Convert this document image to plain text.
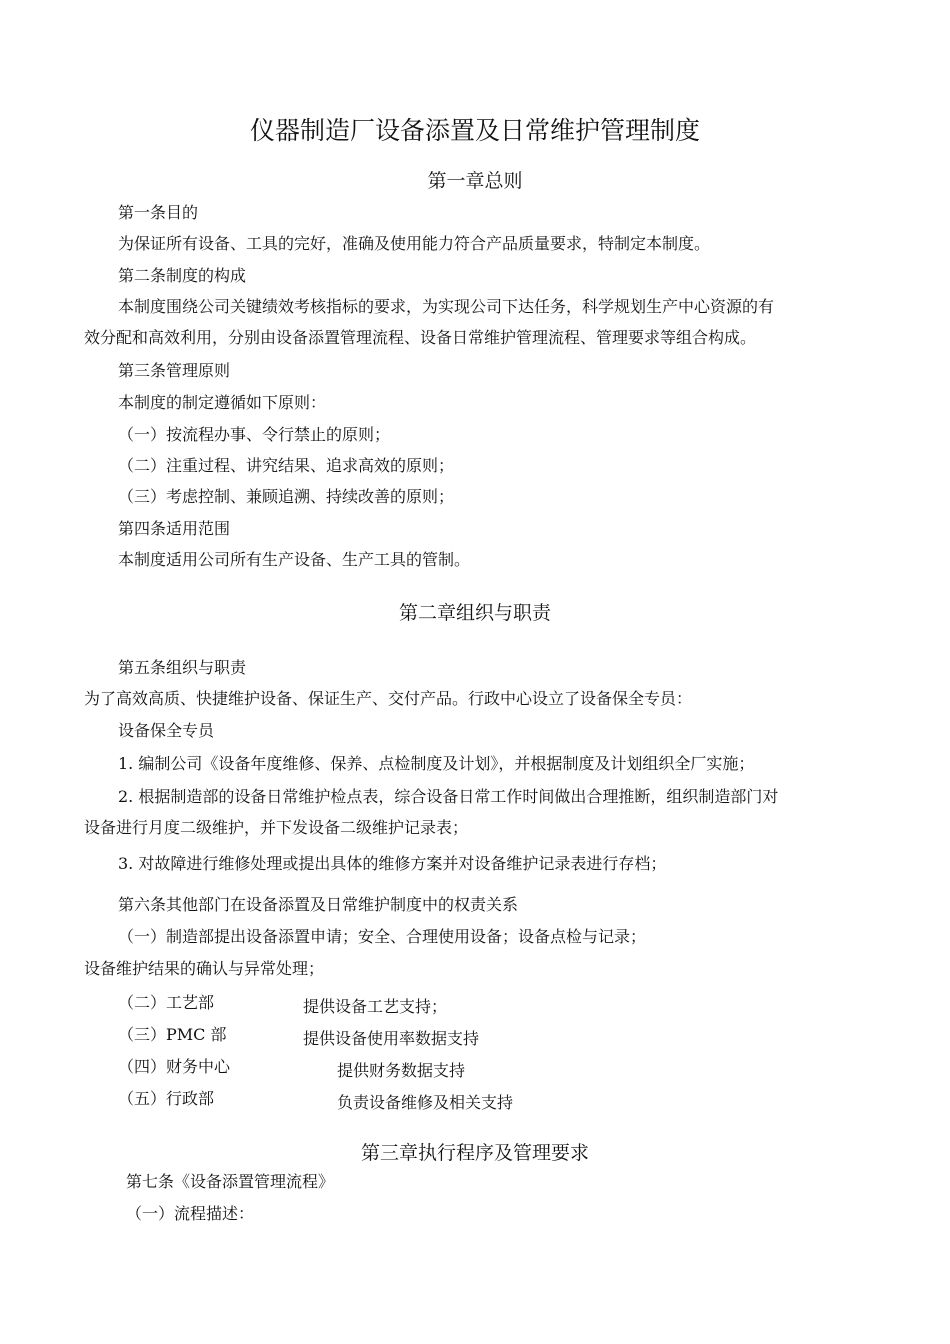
仪器制造厂设备添置及日常维护管理制度
第一章总则
第一条目的
为保证所有设备、工具的完好，准确及使用能力符合产品质量要求，特制定本制度。
第二条制度的构成
本制度围绕公司关键绩效考核指标的要求，为实现公司下达任务，科学规划生产中心资源的有
效分配和高效利用，分别由设备添置管理流程、设备日常维护管理流程、管理要求等组合构成。
第三条管理原则
本制度的制定遵循如下原则：
（一）按流程办事、令行禁止的原则；
（二）注重过程、讲究结果、追求高效的原则；
（三）考虑控制、兼顾追溯、持续改善的原则；
第四条适用范围
本制度适用公司所有生产设备、生产工具的管制。
第二章组织与职责
第五条组织与职责
为了高效高质、快捷维护设备、保证生产、交付产品。行政中心设立了设备保全专员：
设备保全专员
1. 编制公司《设备年度维修、保养、点检制度及计划》，并根据制度及计划组织全厂实施；
2. 根据制造部的设备日常维护检点表，综合设备日常工作时间做出合理推断，组织制造部门对
设备进行月度二级维护，并下发设备二级维护记录表；
3. 对故障进行维修处理或提出具体的维修方案并对设备维护记录表进行存档；
第六条其他部门在设备添置及日常维护制度中的权责关系
（一）制造部提出设备添置申请；安全、合理使用设备；设备点检与记录；
设备维护结果的确认与异常处理；
（二）工艺部	提供设备工艺支持；
（三）PMC 部	提供设备使用率数据支持
（四）财务中心	提供财务数据支持
（五）行政部	负责设备维修及相关支持
第三章执行程序及管理要求
第七条《设备添置管理流程》
（一）流程描述：
